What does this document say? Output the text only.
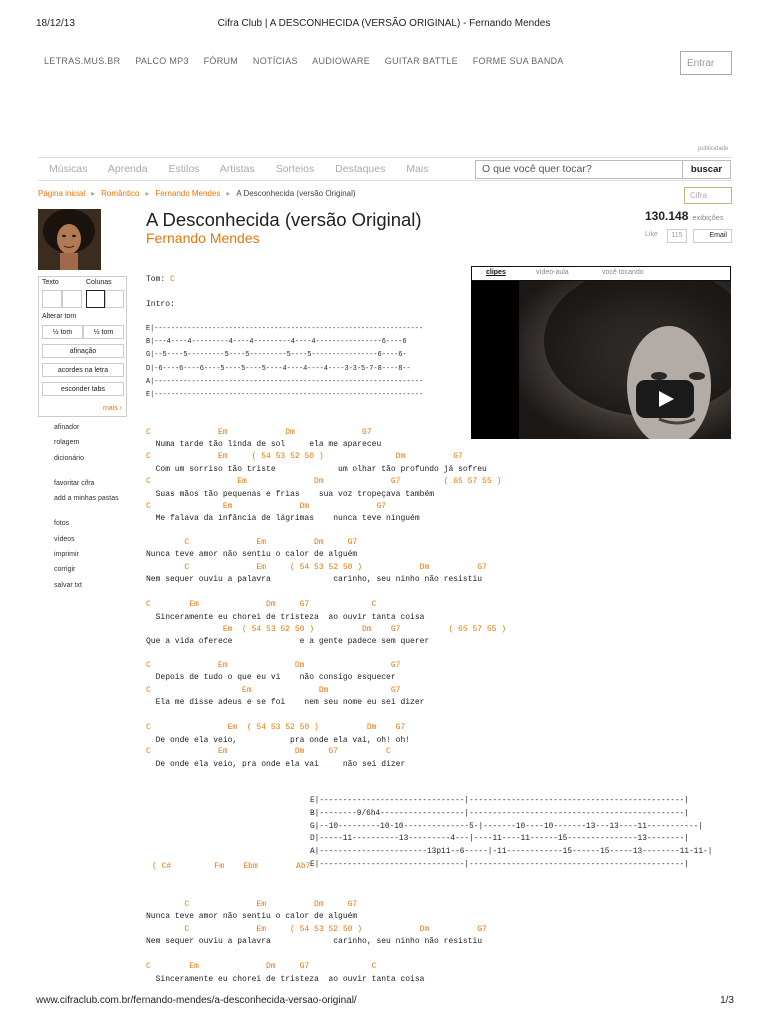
18/12/13	Cifra Club | A DESCONHECIDA (VERSÃO ORIGINAL) - Fernando Mendes
LETRAS.MUS.BR PALCO MP3 FÓRUM NOTÍCIAS AUDIOWARE GUITAR BATTLE FORME SUA BANDA	Entrar
publicidade
Músicas Aprenda Estilos Artistas Sorteios Destaques Mais	O que você quer tocar?	buscar
Página inicial ▸ Romântico ▸ Fernando Mendes ▸ A Desconhecida (versão Original)	Cifra
A Desconhecida (versão Original)
Fernando Mendes
130.148 exibições
Like	115	Email
Texto	Colunas
Alterar tom
½ tom	½ tom
afinação
acordes na letra
esconder tabs
mais ›
afinador
rolagem
dicionário
favoritar cifra
add a minhas pastas
fotos
vídeos
imprimir
corrigir
salvar txt
clipes	vídeo-aula	você tocando
Tom: C
Intro:
E|-----------------------------------------------------------------
B|---4----4---------4----4---------4----4----------------6----6
G|--5----5---------5----5---------5----5----------------6----6-
D|-6----6----6----5----5----5----4----4----4----3-3-5-7-8----8--
A|-----------------------------------------------------------------
E|-----------------------------------------------------------------
C              Em            Dm              G7
Numa tarde tão linda de sol     ela me apareceu
C              Em     ( 54 53 52 50 )               Dm          G7
Com um sorriso tão triste             um olhar tão profundo já sofreu
C                  Em              Dm              G7         ( 65 57 55 )
Suas mãos tão pequenas e frias    sua voz tropeçava também
C               Em              Dm              G7
Me falava da infância de lágrimas    nunca teve ninguém
C              Em          Dm     G7
Nunca teve amor não sentiu o calor de alguém
C              Em     ( 54 53 52 50 )            Dm          G7
Nem sequer ouviu a palavra             carinho, seu ninho não resistiu
C        Em              Dm     G7             C
Sinceramente eu chorei de tristeza  ao ouvir tanta coisa
Em  ( 54 53 52 50 )          Dm    G7          ( 65 57 55 )
Que a vida oferece              e a gente padece sem querer
C              Em              Dm                  G7
Depois de tudo o que eu vi    não consigo esquecer
C                   Em              Dm             G7
Ela me disse adeus e se foi    nem seu nome eu sei dizer
C                Em  ( 54 53 52 50 )          Dm    G7
De onde ela veio,           pra onde ela vai, oh! oh!
C              Em              Dm     G7          C
De onde ela veio, pra onde ela vai     não sei dizer
E|-------------------------------|----------------------------------------------|
B|--------9/6h4------------------|----------------------------------------------|
G|--10---------10-10--------------5-|-------10----10-------13---13----11-----------|
D|-----11----------13---------4---|----11----11------15---------------13--------|
A|-----------------------13p11--6-----|-11------------15------15-----13--------11-11-|
E|-------------------------------|----------------------------------------------|
( C#         Fm    Ebm        Ab7
C              Em          Dm     G7
Nunca teve amor não sentiu o calor de alguém
C              Em     ( 54 53 52 50 )            Dm          G7
Nem sequer ouviu a palavra             carinho, seu ninho não resistiu
C        Em              Dm     G7             C
Sinceramente eu chorei de tristeza  ao ouvir tanta coisa
www.cifraclub.com.br/fernando-mendes/a-desconhecida-versao-original/	1/3
